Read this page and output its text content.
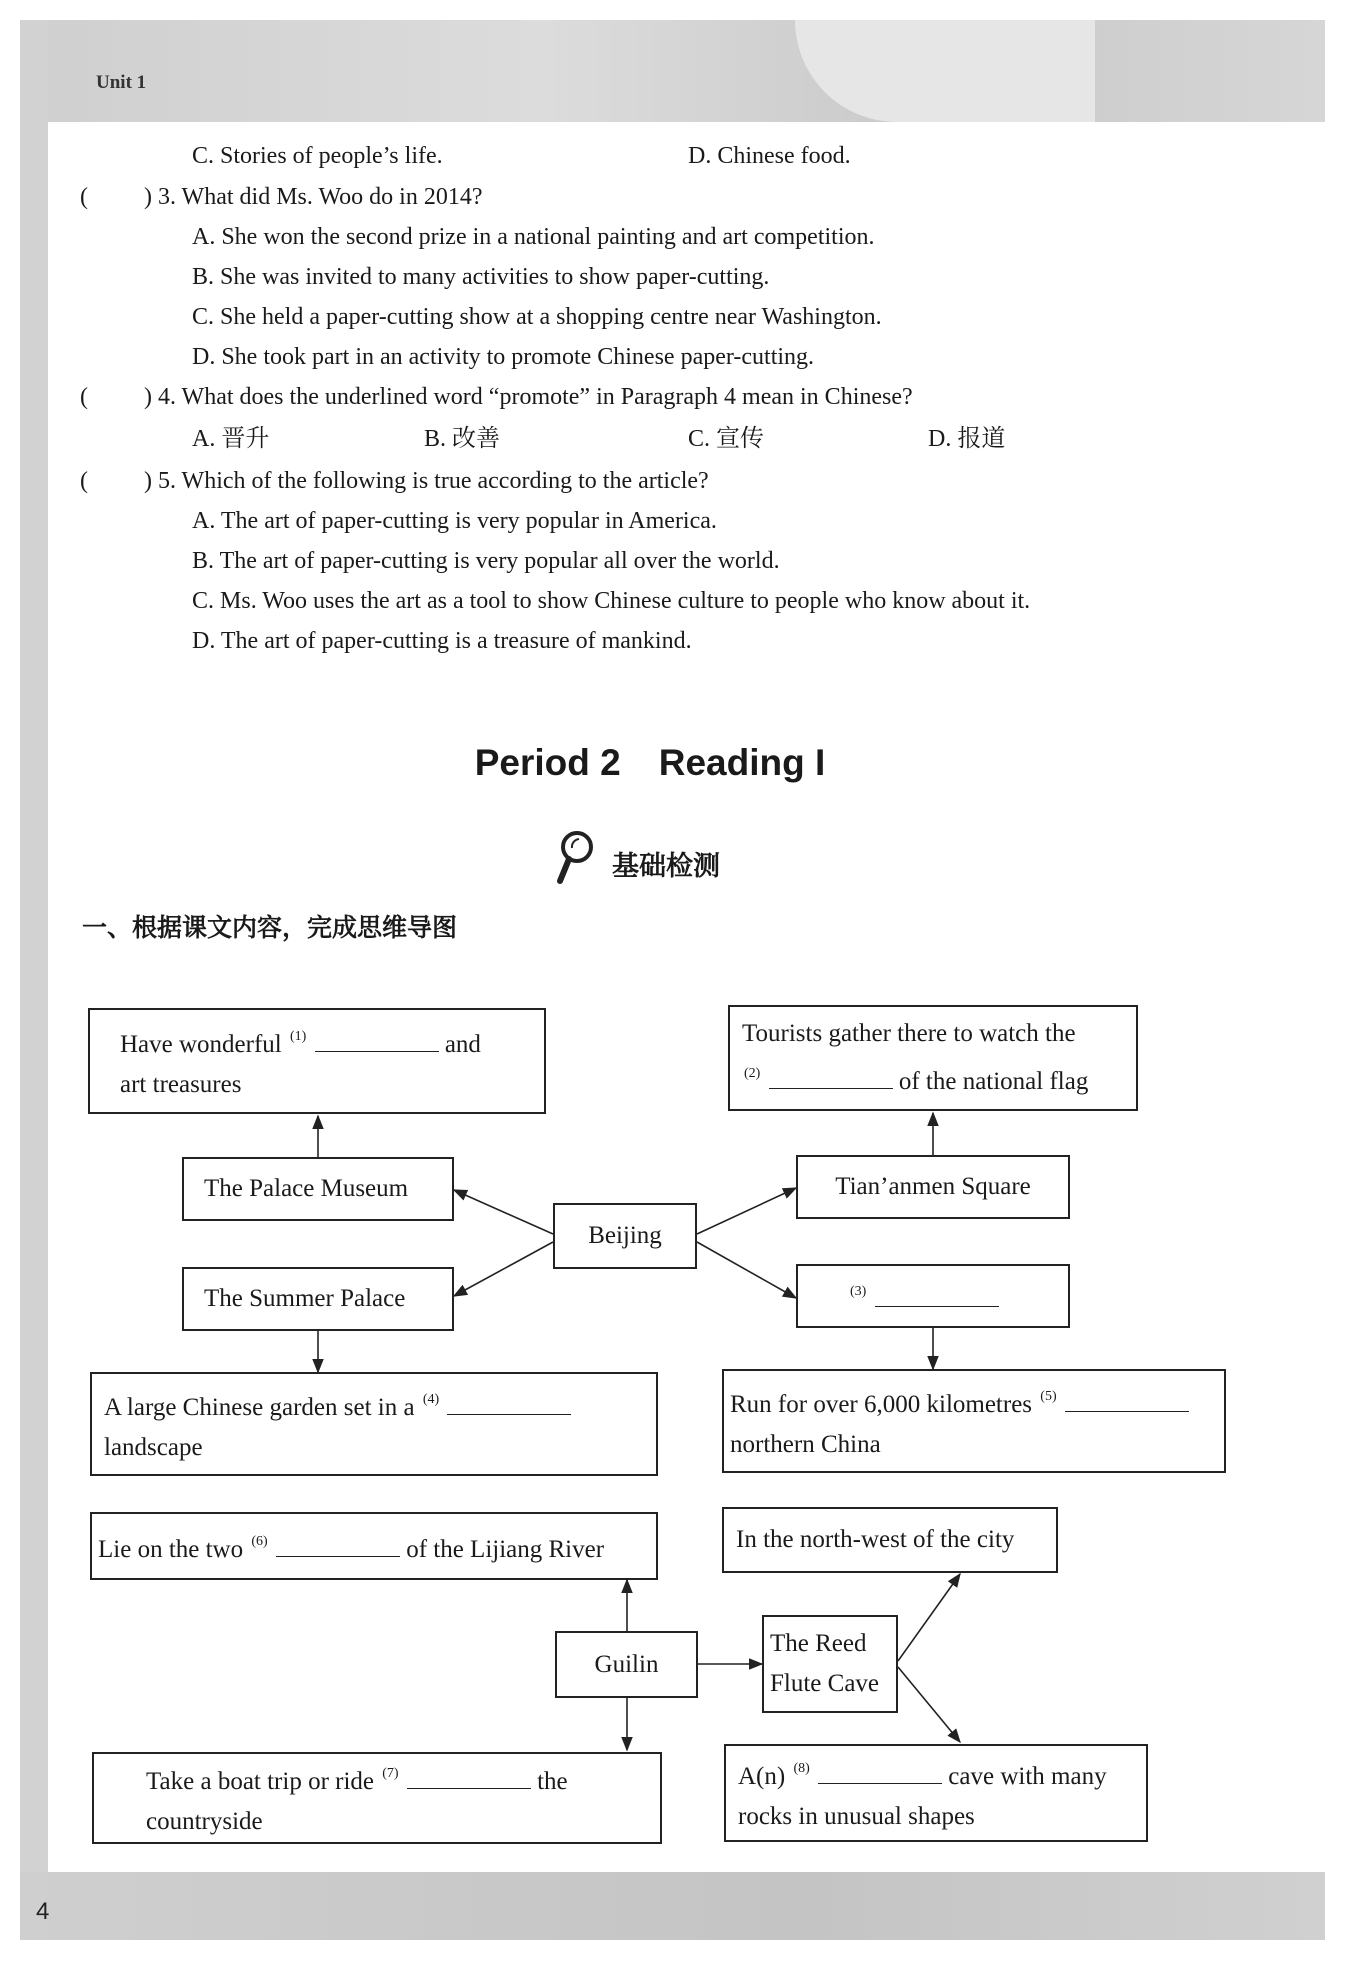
Unit 1
4
C. Stories of people’s life.	D. Chinese food.
( ) 3. What did Ms. Woo do in 2014?
A. She won the second prize in a national painting and art competition.
B. She was invited to many activities to show paper-cutting.
C. She held a paper-cutting show at a shopping centre near Washington.
D. She took part in an activity to promote Chinese paper-cutting.
( ) 4. What does the underlined word “promote” in Paragraph 4 mean in Chinese?
A. 晋升	B. 改善	C. 宣传	D. 报道
( ) 5. Which of the following is true according to the article?
A. The art of paper-cutting is very popular in America.
B. The art of paper-cutting is very popular all over the world.
C. Ms. Woo uses the art as a tool to show Chinese culture to people who know about it.
D. The art of paper-cutting is a treasure of mankind.
Period 2 Reading I
基础检测
一、根据课文内容，完成思维导图
Have wonderful $^{(1)}$	and
art treasures
Tourists gather there to watch the
$^{(2)}$	of the national flag
The Palace Museum
Beijing
Tian’anmen Square
The Summer Palace	$^{(3)}$
A large Chinese garden set in a $^{(4)}$
landscape
Run for over 6,000 kilometres $^{(5)}$
northern China
Lie on the two $^{(6)}$	of the Lijiang River	In the north-west of the city
Guilin
The Reed
Flute Cave
Take a boat trip or ride $^{(7)}$	the
countryside
A(n) $^{(8)}$	cave with many
rocks in unusual shapes
